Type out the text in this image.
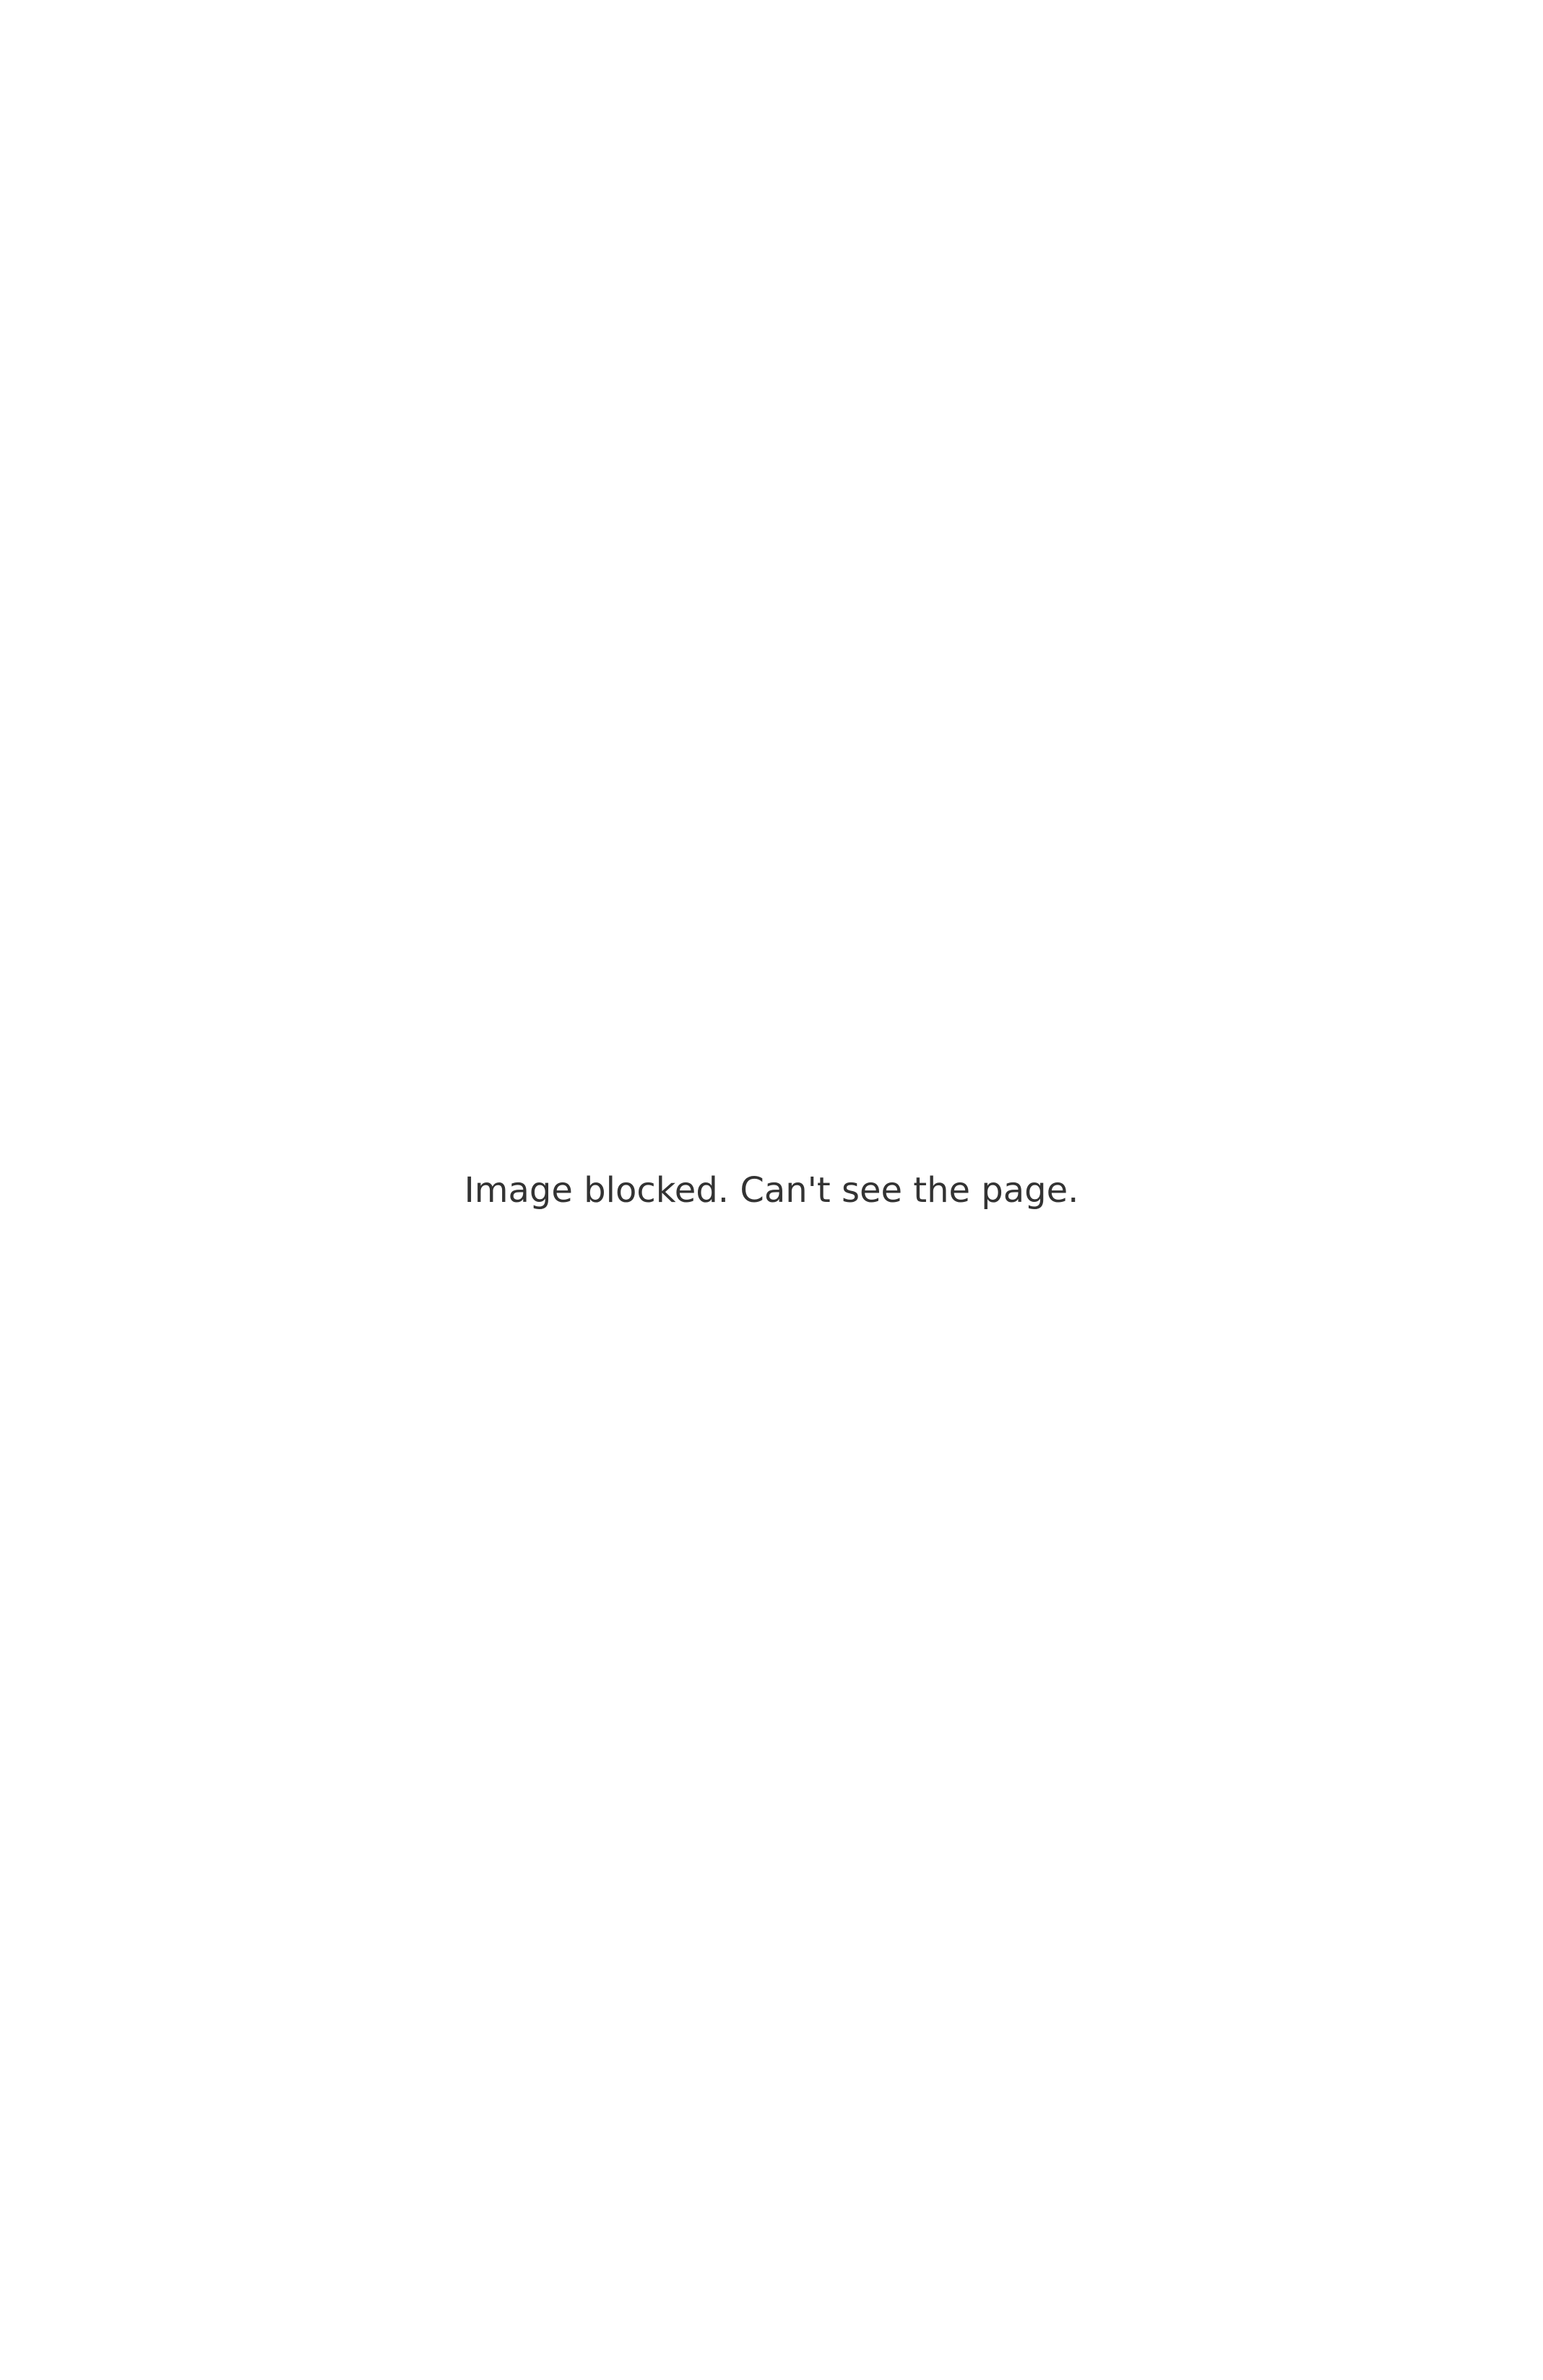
Image blocked. Can't see the page.
